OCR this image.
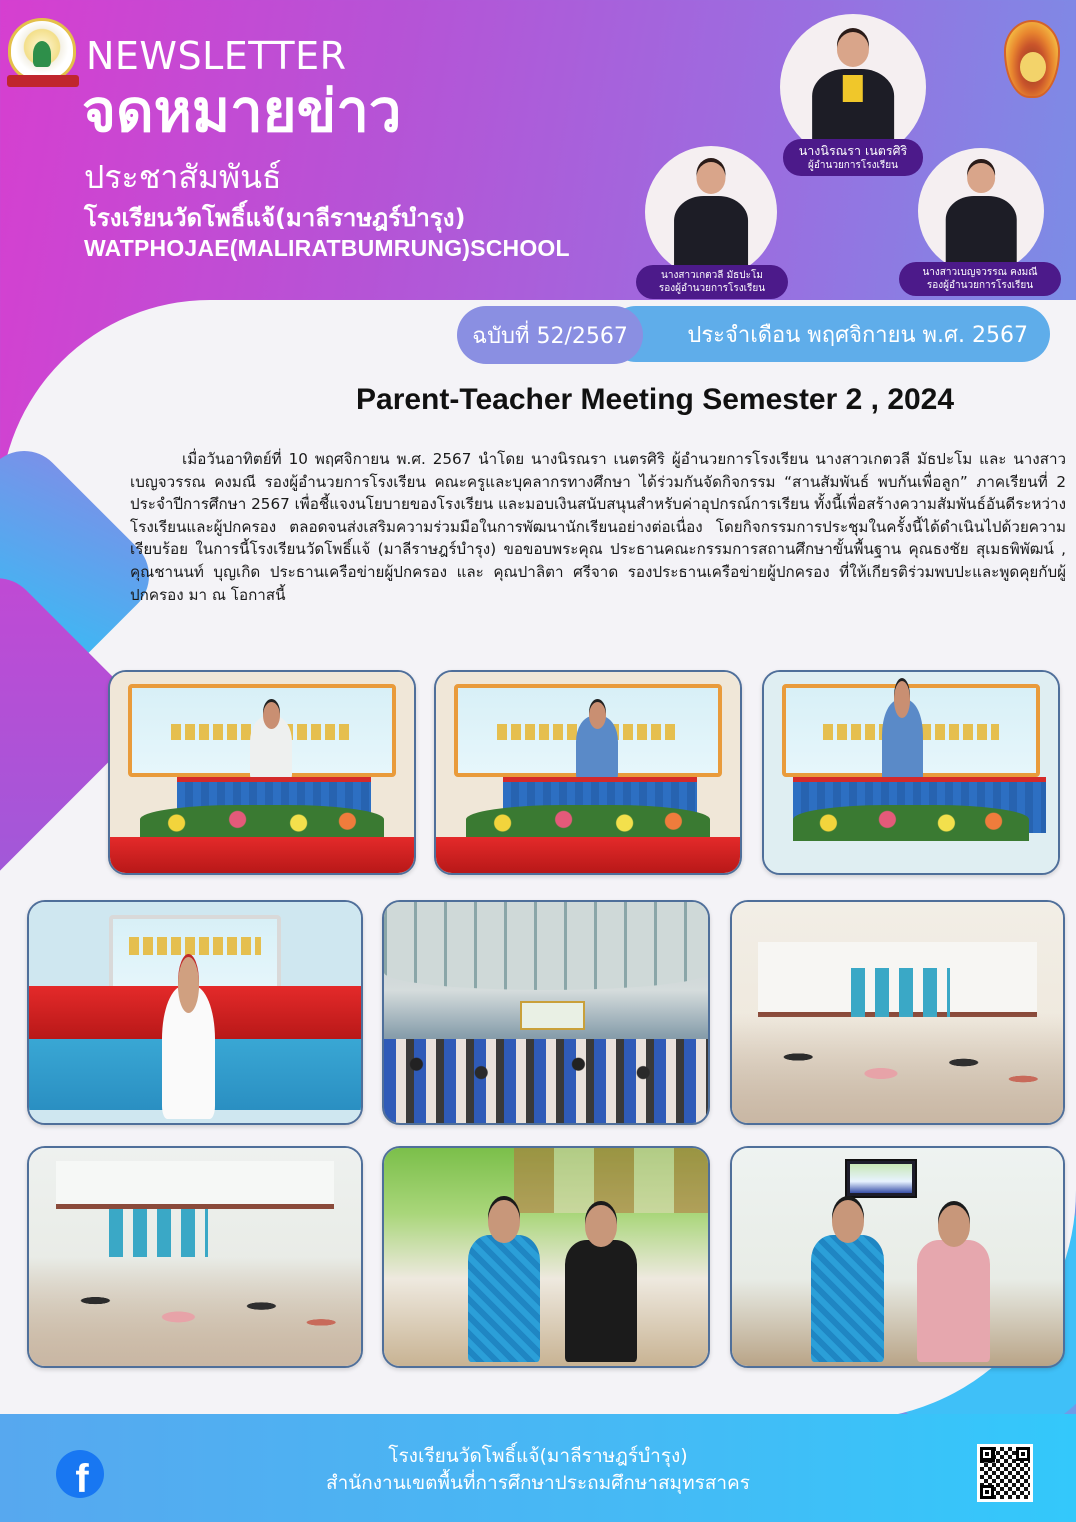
NEWSLETTER
จดหมายข่าว
ประชาสัมพันธ์
โรงเรียนวัดโพธิ์แจ้(มาลีราษฎร์บำรุง)
WATPHOJAE(MALIRATBUMRUNG)SCHOOL
นางนิรณรา เนตรศิริ
ผู้อำนวยการโรงเรียน
นางสาวเกตวลี มัธปะโม
รองผู้อำนวยการโรงเรียน
นางสาวเบญจวรรณ คงมณี
รองผู้อำนวยการโรงเรียน
ประจำเดือน พฤศจิกายน พ.ศ. 2567
ฉบับที่ 52/2567
Parent-Teacher Meeting Semester 2 , 2024

เมื่อวันอาทิตย์ที่ 10 พฤศจิกายน พ.ศ. 2567 นำโดย นางนิรณรา เนตรศิริ ผู้อำนวยการโรงเรียน นางสาวเกตวลี มัธปะโม และ นางสาวเบญจวรรณ คงมณี รองผู้อำนวยการโรงเรียน คณะครูและบุคลากรทางศึกษา ได้ร่วมกันจัดกิจกรรม “สานสัมพันธ์ พบกันเพื่อลูก” ภาคเรียนที่ 2 ประจำปีการศึกษา 2567 เพื่อชี้แจงนโยบายของโรงเรียน และมอบเงินสนับสนุนสำหรับค่าอุปกรณ์การเรียน ทั้งนี้เพื่อสร้างความสัมพันธ์อันดีระหว่างโรงเรียนและผู้ปกครอง ตลอดจนส่งเสริมความร่วมมือในการพัฒนานักเรียนอย่างต่อเนื่อง โดยกิจกรรมการประชุมในครั้งนี้ได้ดำเนินไปด้วยความเรียบร้อย ในการนี้โรงเรียนวัดโพธิ์แจ้ (มาลีราษฎร์บำรุง) ขอขอบพระคุณ ประธานคณะกรรมการสถานศึกษาขั้นพื้นฐาน คุณธงชัย สุเมธพิพัฒน์ , คุณชานนท์ บุญเกิด ประธานเครือข่ายผู้ปกครอง และ คุณปาลิตา ศรีจาด รองประธานเครือข่ายผู้ปกครอง ที่ให้เกียรติร่วมพบปะและพูดคุยกับผู้ปกครอง มา ณ โอกาสนี้

f
โรงเรียนวัดโพธิ์แจ้(มาลีราษฎร์บำรุง)
สำนักงานเขตพื้นที่การศึกษาประถมศึกษาสมุทรสาคร
